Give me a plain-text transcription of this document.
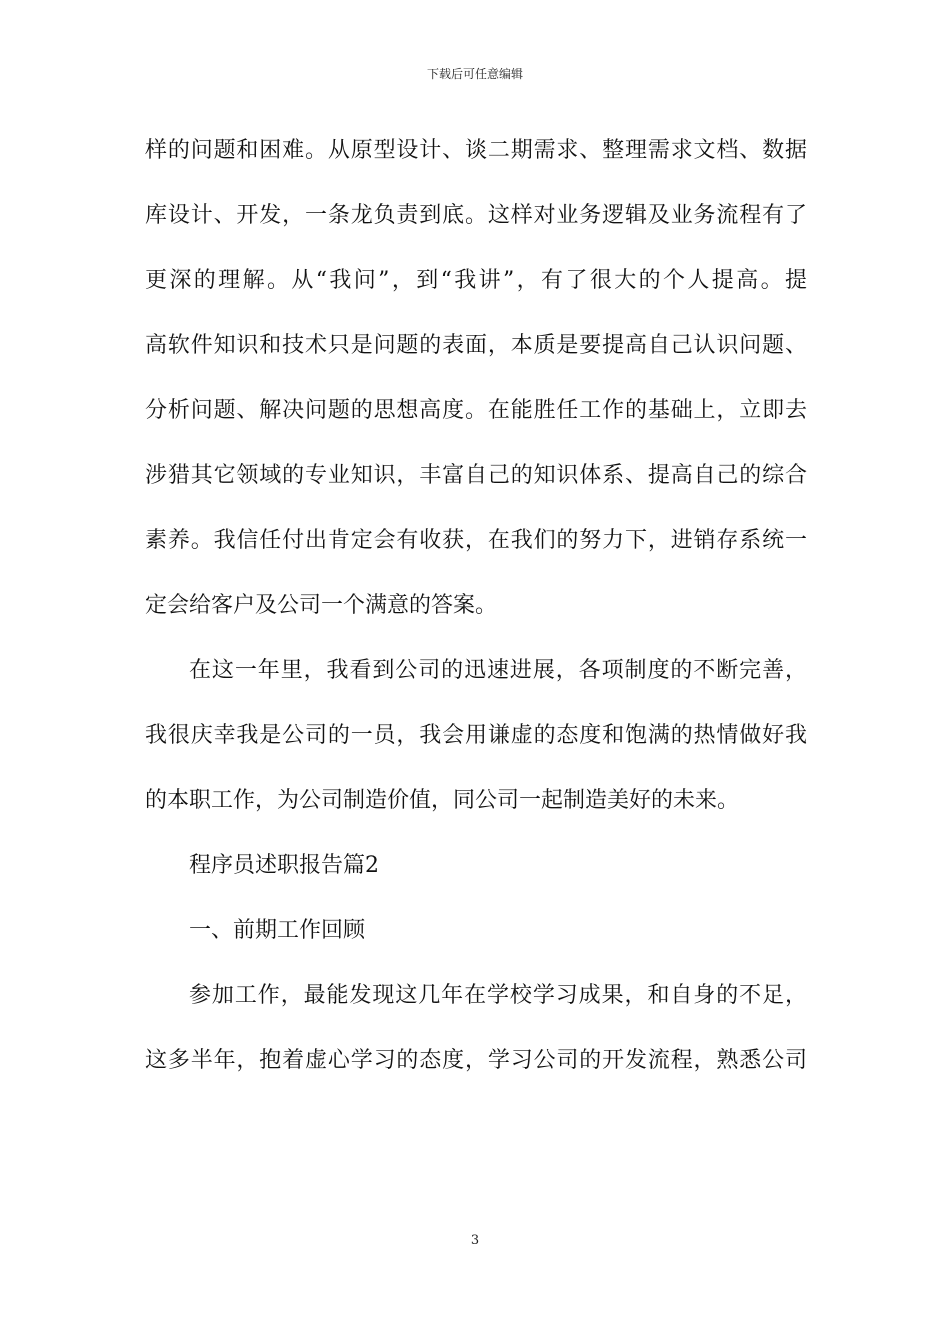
下载后可任意编辑
样的问题和困难。从原型设计、谈二期需求、整理需求文档、数据
库设计、开发，一条龙负责到底。这样对业务逻辑及业务流程有了
更深的理解。从“我问”，到“我讲”，有了很大的个人提高。提
高软件知识和技术只是问题的表面，本质是要提高自己认识问题、
分析问题、解决问题的思想高度。在能胜任工作的基础上，立即去
涉猎其它领域的专业知识，丰富自己的知识体系、提高自己的综合
素养。我信任付出肯定会有收获，在我们的努力下，进销存系统一
定会给客户及公司一个满意的答案。
在这一年里，我看到公司的迅速进展，各项制度的不断完善，
我很庆幸我是公司的一员，我会用谦虚的态度和饱满的热情做好我
的本职工作，为公司制造价值，同公司一起制造美好的未来。
程序员述职报告篇2
一、前期工作回顾
参加工作，最能发现这几年在学校学习成果，和自身的不足，
这多半年，抱着虚心学习的态度，学习公司的开发流程，熟悉公司
3
